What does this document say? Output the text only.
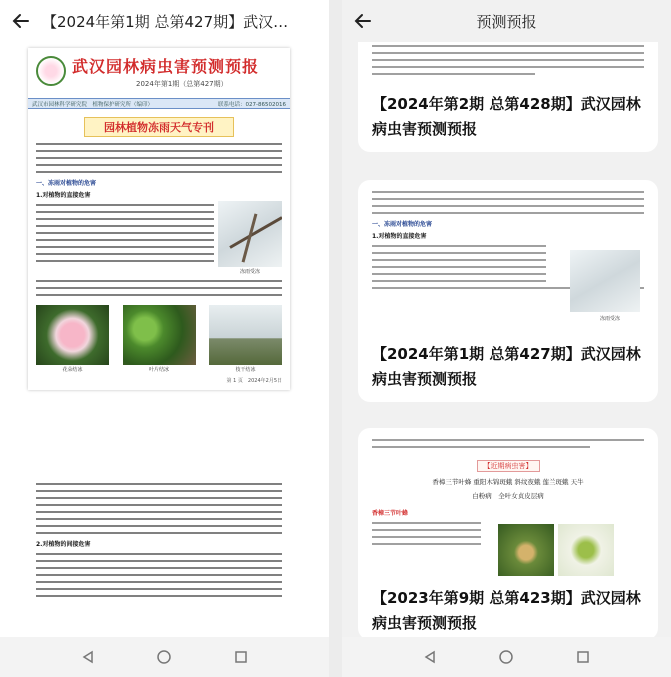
【2024年第1期 总第427期】武汉…
武汉园林病虫害预测预报
2024年第1期（总第427期）
武汉市园林科学研究院　植物保护研究所（编印）	联系电话：027-86502016
园林植物冻雨天气专刊
一、冻雨对植物的危害
1.对植物的直接危害
冻雨受冻
花朵结冰	叶片结冰	枝干结冰
第 1 页　2024年2月5日
2.对植物的间接危害
预测预报
【2024年第2期 总第428期】武汉园林病虫害预测预报
一、冻雨对植物的危害
1.对植物的直接危害
冻雨受冻
【2024年第1期 总第427期】武汉园林病虫害预测预报
【近期病虫害】
香樟三节叶蜂 重阳木锦斑蛾 斜纹夜蛾 莲兰斑蛾 天牛
白粉病　全叶女贞皮层病
香樟三节叶蜂
【2023年第9期 总第423期】武汉园林病虫害预测预报
